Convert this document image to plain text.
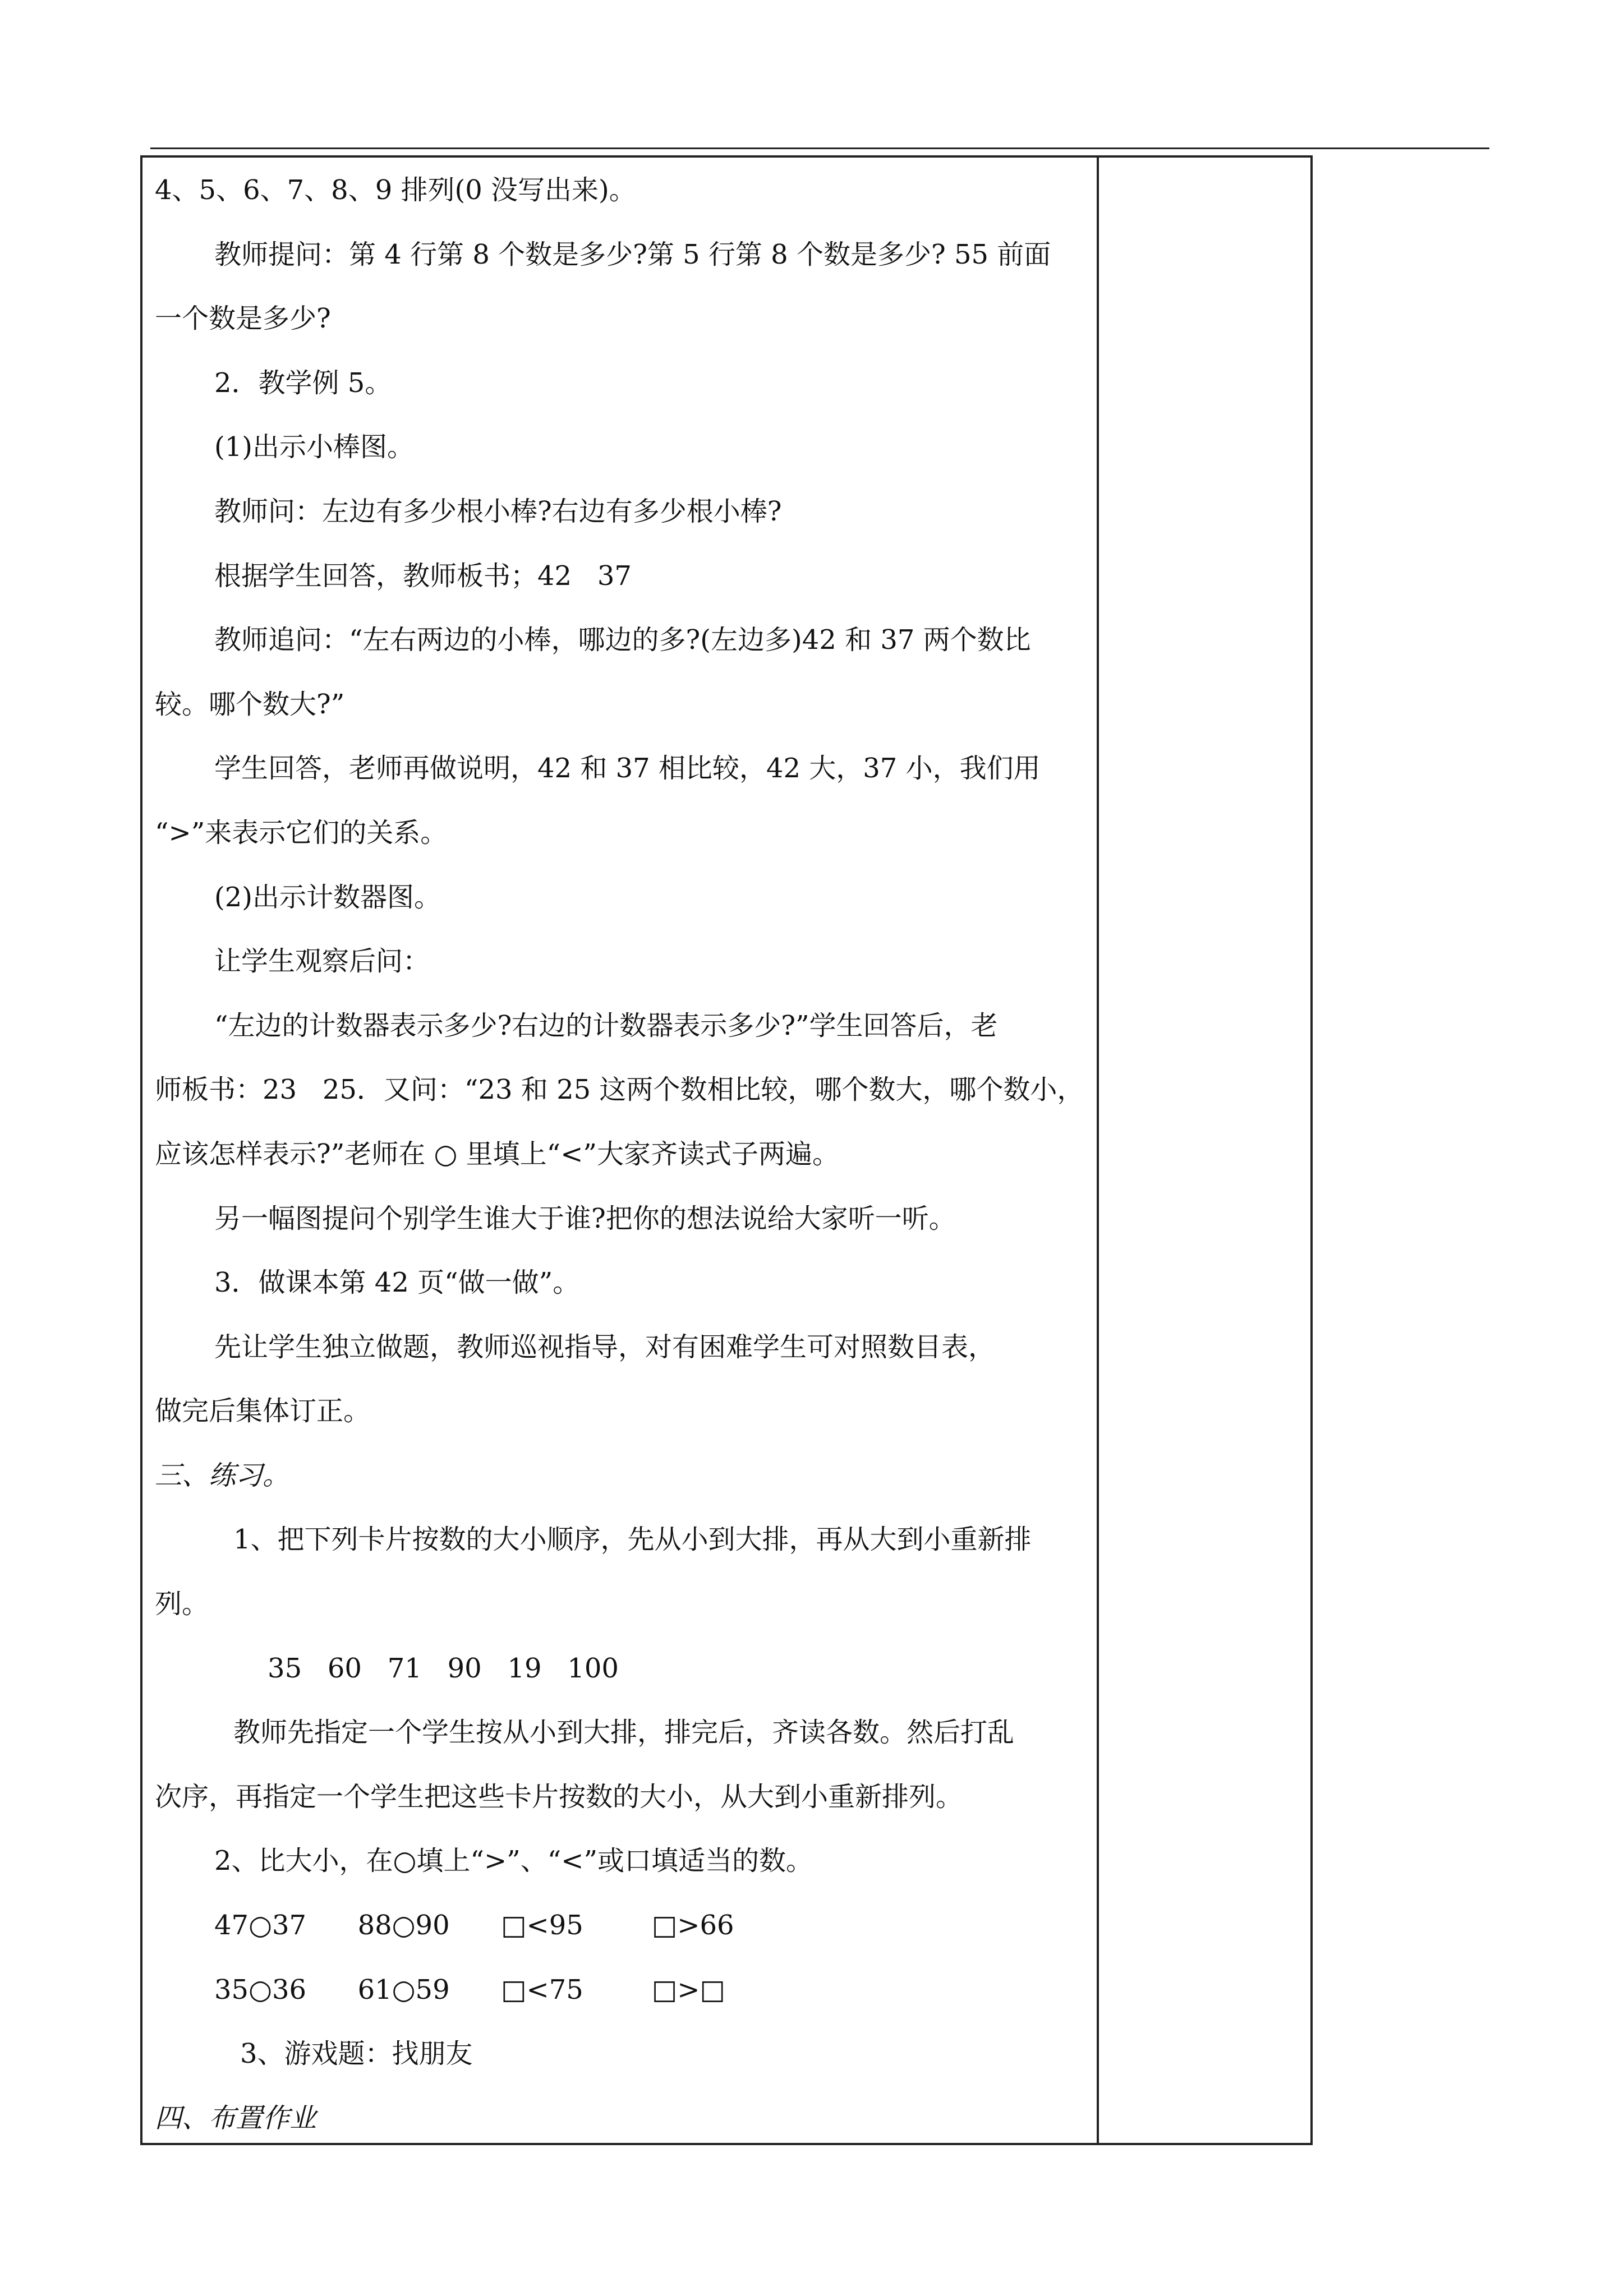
4、5、6、7、8、9 排列(0 没写出来)。
教师提问：第 4 行第 8 个数是多少?第 5 行第 8 个数是多少? 55 前面
一个数是多少?
2．教学例 5。
(1)出示小棒图。
教师问：左边有多少根小棒?右边有多少根小棒?
根据学生回答，教师板书；42   37
教师追问：“左右两边的小棒，哪边的多?(左边多)42 和 37 两个数比
较。哪个数大?”
学生回答，老师再做说明，42 和 37 相比较，42 大，37 小，我们用
“>”来表示它们的关系。
(2)出示计数器图。
让学生观察后问：
“左边的计数器表示多少?右边的计数器表示多少?”学生回答后，老
师板书：23   25．又问：“23 和 25 这两个数相比较，哪个数大，哪个数小，
应该怎样表示?”老师在 ○ 里填上“<”大家齐读式子两遍。
另一幅图提问个别学生谁大于谁?把你的想法说给大家听一听。
3．做课本第 42 页“做一做”。
先让学生独立做题，教师巡视指导，对有困难学生可对照数目表，
做完后集体订正。
三、练习。
1、把下列卡片按数的大小顺序，先从小到大排，再从大到小重新排
列。
35   60   71   90   19   100
教师先指定一个学生按从小到大排，排完后，齐读各数。然后打乱
次序，再指定一个学生把这些卡片按数的大小，从大到小重新排列。
2、比大小，在○填上“>”、“<”或口填适当的数。
47○37      88○90      □<95        □>66
35○36      61○59      □<75        □>□
3、游戏题：找朋友
四、布置作业
